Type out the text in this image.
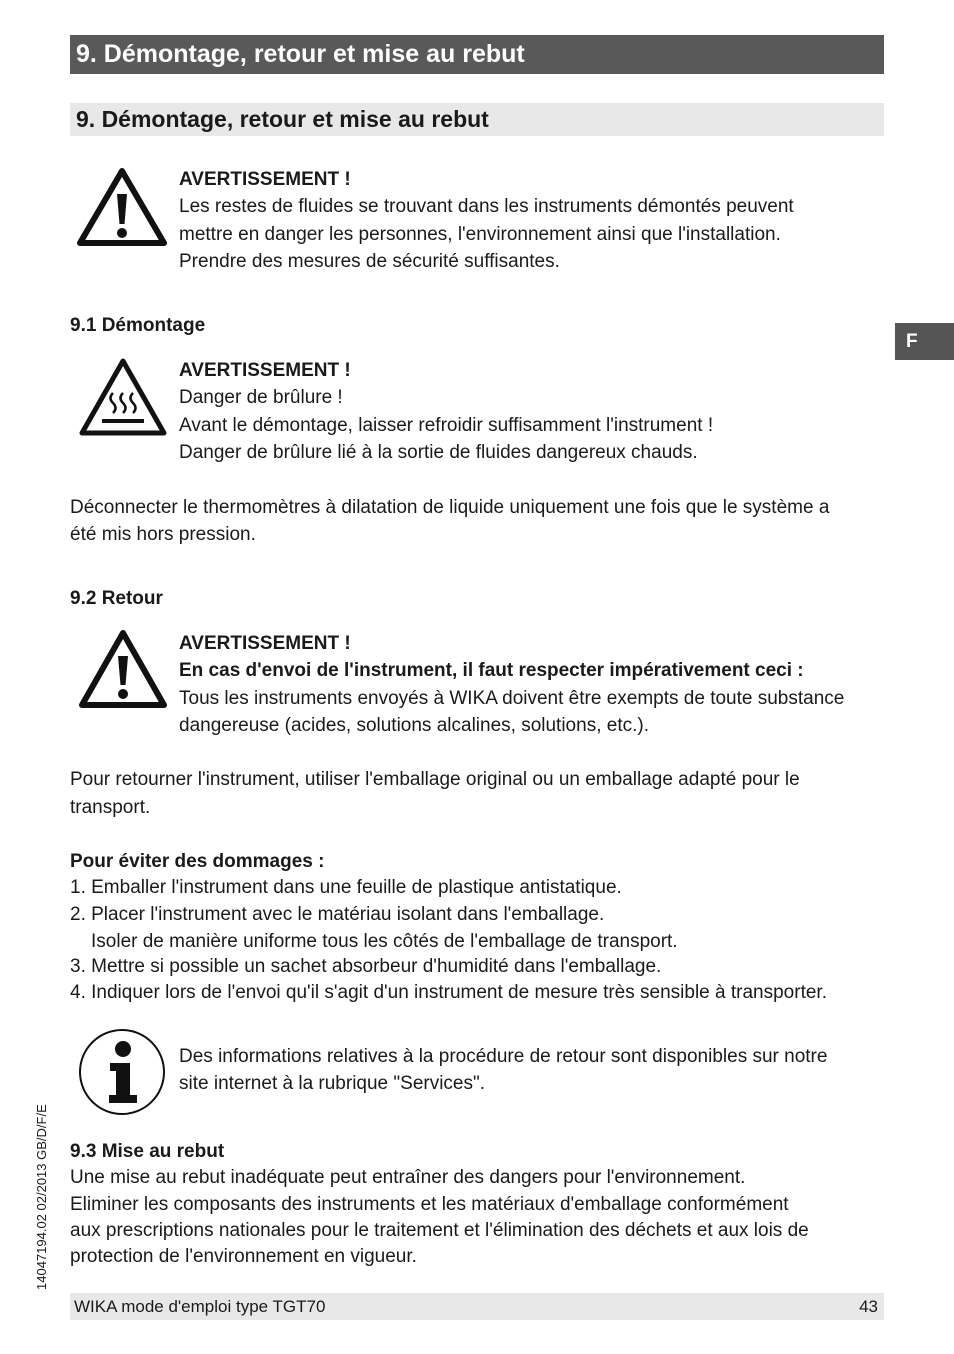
9. Démontage, retour et mise au rebut
9. Démontage, retour et mise au rebut
F
AVERTISSEMENT !
Les restes de fluides se trouvant dans les instruments démontés peuvent
mettre en danger les personnes, l'environnement ainsi que l'installation.
Prendre des mesures de sécurité suffisantes.
9.1 Démontage
AVERTISSEMENT !
Danger de brûlure !
Avant le démontage, laisser refroidir suffisamment l'instrument !
Danger de brûlure lié à la sortie de fluides dangereux chauds.
Déconnecter le thermomètres à dilatation de liquide uniquement une fois que le système a
été mis hors pression.
9.2 Retour
AVERTISSEMENT !
En cas d'envoi de l'instrument, il faut respecter impérativement ceci :
Tous les instruments envoyés à WIKA doivent être exempts de toute substance
dangereuse (acides, solutions alcalines, solutions, etc.).
Pour retourner l'instrument, utiliser l'emballage original ou un emballage adapté pour le
transport.
Pour éviter des dommages :
1. Emballer l'instrument dans une feuille de plastique antistatique.
2. Placer l'instrument avec le matériau isolant dans l'emballage.
Isoler de manière uniforme tous les côtés de l'emballage de transport.
3. Mettre si possible un sachet absorbeur d'humidité dans l'emballage.
4. Indiquer lors de l'envoi qu'il s'agit d'un instrument de mesure très sensible à transporter.
Des informations relatives à la procédure de retour sont disponibles sur notre
site internet à la rubrique "Services".
9.3 Mise au rebut
Une mise au rebut inadéquate peut entraîner des dangers pour l'environnement.
Eliminer les composants des instruments et les matériaux d'emballage conformément
aux prescriptions nationales pour le traitement et l'élimination des déchets et aux lois de
protection de l'environnement en vigueur.
14047194.02 02/2013 GB/D/F/E
WIKA mode d'emploi type TGT70	43
